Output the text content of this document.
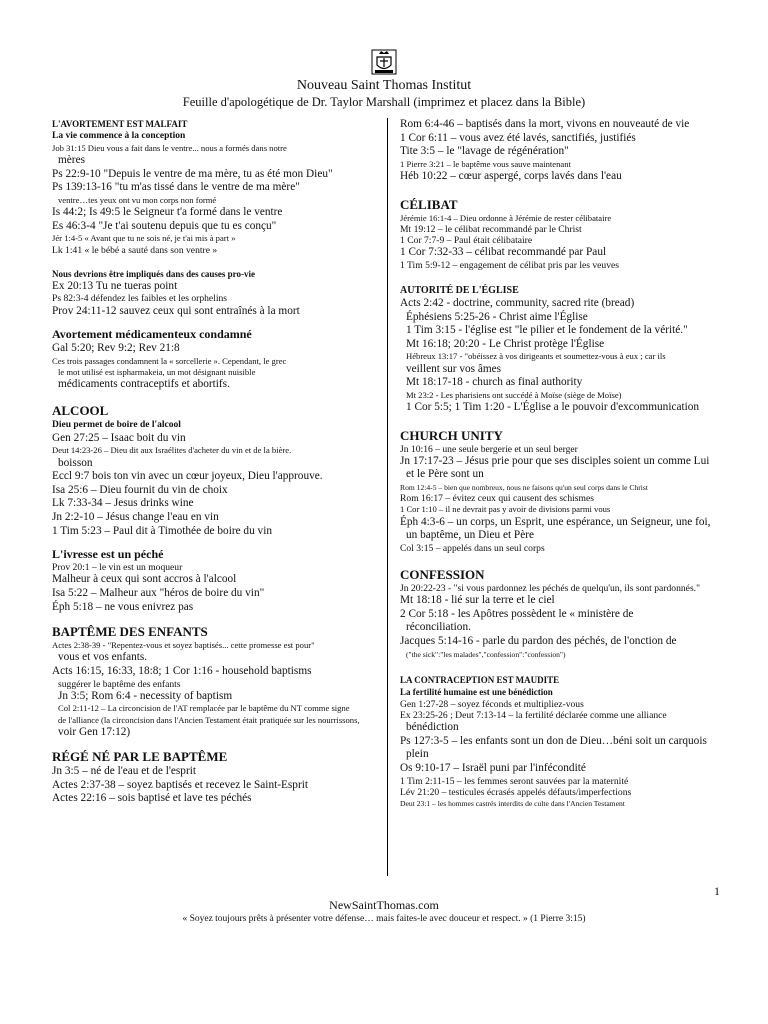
Nouveau Saint Thomas Institut
Feuille d'apologétique de Dr. Taylor Marshall (imprimez et placez dans la Bible)
L'AVORTEMENT EST MALFAIT
La vie commence à la conception
Job 31:15 Dieu vous a fait dans le ventre... nous a formés dans notre
mères
Ps 22:9-10 "Depuis le ventre de ma mère, tu as été mon Dieu"
Ps 139:13-16 "tu m'as tissé dans le ventre de ma mère"
ventre…tes yeux ont vu mon corps non formé
Is 44:2; Is 49:5 le Seigneur t'a formé dans le ventre
Es 46:3-4 "Je t'ai soutenu depuis que tu es conçu"
Jér 1:4-5 « Avant que tu ne sois né, je t'ai mis à part »
Lk 1:41 « le bébé a sauté dans son ventre »
Nous devrions être impliqués dans des causes pro-vie
Ex 20:13 Tu ne tueras point
Ps 82:3-4 défendez les faibles et les orphelins
Prov 24:11-12 sauvez ceux qui sont entraînés à la mort
Avortement médicamenteux condamné
Gal 5:20; Rev 9:2; Rev 21:8
Ces trois passages condamnent la « sorcellerie ». Cependant, le grec
le mot utilisé est ispharmakeia, un mot désignant nuisible
médicaments contraceptifs et abortifs.
ALCOOL
Dieu permet de boire de l'alcool
Gen 27:25 – Isaac boit du vin
Deut 14:23-26 – Dieu dit aux Israélites d'acheter du vin et de la bière.
boisson
Eccl 9:7 bois ton vin avec un cœur joyeux, Dieu l'approuve.
Isa 25:6 – Dieu fournit du vin de choix
Lk 7:33-34 – Jesus drinks wine
Jn 2:2-10 – Jésus change l'eau en vin
1 Tim 5:23 – Paul dit à Timothée de boire du vin
L'ivresse est un péché
Prov 20:1 – le vin est un moqueur
Malheur à ceux qui sont accros à l'alcool
Isa 5:22 – Malheur aux "héros de boire du vin"
Éph 5:18 – ne vous enivrez pas
BAPTÊME DES ENFANTS
Actes 2:38-39 - "Repentez-vous et soyez baptisés... cette promesse est pour"
vous et vos enfants.
Acts 16:15, 16:33, 18:8; 1 Cor 1:16 - household baptisms
suggérer le baptême des enfants
Jn 3:5; Rom 6:4 - necessity of baptism
Col 2:11-12 – La circoncision de l'AT remplacée par le baptême du NT comme signe
de l'alliance (la circoncision dans l'Ancien Testament était pratiquée sur les nourrissons,
voir Gen 17:12)
RÉGÉ NÉ PAR LE BAPTÊME
Jn 3:5 – né de l'eau et de l'esprit
Actes 2:37-38 – soyez baptisés et recevez le Saint-Esprit
Actes 22:16 – sois baptisé et lave tes péchés
Rom 6:4-46 – baptisés dans la mort, vivons en nouveauté de vie
1 Cor 6:11 – vous avez été lavés, sanctifiés, justifiés
Tite 3:5 – le "lavage de régénération"
1 Pierre 3:21 – le baptême vous sauve maintenant
Héb 10:22 – cœur aspergé, corps lavés dans l'eau
CÉLIBAT
Jérémie 16:1-4 – Dieu ordonne à Jérémie de rester célibataire
Mt 19:12 – le célibat recommandé par le Christ
1 Cor 7:7-9 – Paul était célibataire
1 Cor 7:32-33 – célibat recommandé par Paul
1 Tim 5:9-12 – engagement de célibat pris par les veuves
AUTORITÉ DE L'ÉGLISE
Acts 2:42 - doctrine, community, sacred rite (bread)
Éphésiens 5:25-26 - Christ aime l'Église
1 Tim 3:15 - l'église est "le pilier et le fondement de la vérité."
Mt 16:18; 20:20 - Le Christ protège l'Église
Hébreux 13:17 - "obéissez à vos dirigeants et soumettez-vous à eux ; car ils
veillent sur vos âmes
Mt 18:17-18 - church as final authority
Mt 23:2 - Les pharisiens ont succédé à Moïse (siège de Moïse)
1 Cor 5:5; 1 Tim 1:20 - L'Église a le pouvoir d'excommunication
CHURCH UNITY
Jn 10:16 – une seule bergerie et un seul berger
Jn 17:17-23 – Jésus prie pour que ses disciples soient un comme Lui
et le Père sont un
Rom 12:4-5 – bien que nombreux, nous ne faisons qu'un seul corps dans le Christ
Rom 16:17 – évitez ceux qui causent des schismes
1 Cor 1:10 – il ne devrait pas y avoir de divisions parmi vous
Éph 4:3-6 – un corps, un Esprit, une espérance, un Seigneur, une foi,
un baptême, un Dieu et Père
Col 3:15 – appelés dans un seul corps
CONFESSION
Jn 20:22-23 - "si vous pardonnez les péchés de quelqu'un, ils sont pardonnés."
Mt 18:18 - lié sur la terre et le ciel
2 Cor 5:18 - les Apôtres possèdent le « ministère de
réconciliation.
Jacques 5:14-16 - parle du pardon des péchés, de l'onction de
("the sick":"les malades","confession":"confession")
LA CONTRACEPTION EST MAUDITE
La fertilité humaine est une bénédiction
Gen 1:27-28 – soyez féconds et multipliez-vous
Ex 23:25-26 ; Deut 7:13-14 – la fertilité déclarée comme une alliance
bénédiction
Ps 127:3-5 – les enfants sont un don de Dieu…béni soit un carquois
plein
Os 9:10-17 – Israël puni par l'infécondité
1 Tim 2:11-15 – les femmes seront sauvées par la maternité
Lév 21:20 – testicules écrasés appelés défauts/imperfections
Deut 23:1 – les hommes castrés interdits de culte dans l'Ancien Testament
1
NewSaintThomas.com
« Soyez toujours prêts à présenter votre défense… mais faites-le avec douceur et respect. » (1 Pierre 3:15)
